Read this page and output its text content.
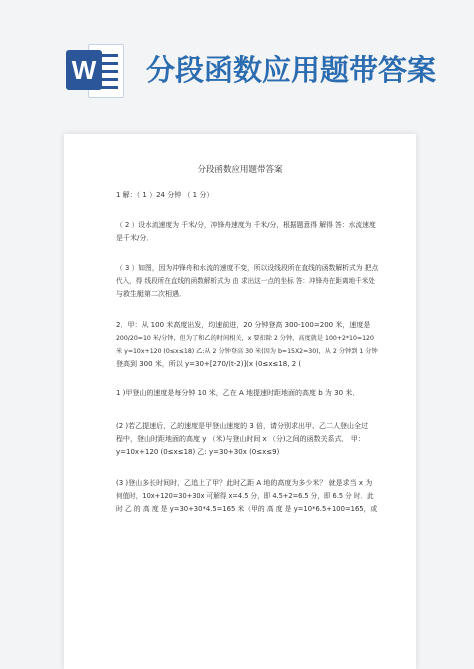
W 分段函数应用题带答案
分段函数应用题带答案
1 解：（ 1 ）24 分钟 （ 1 分）
（ 2 ）设水流速度为 千米/分，冲锋舟速度为 千米/分，根据题意得 解得 答：水流速度
是千米/分．
（ 3 ）如图，因为冲锋舟和水流的速度不变，所以设线段所在直线的函数解析式为 把点
代入，得 线段所在直线的函数解析式为 由 求出这一点的坐标 答：冲锋舟在距离地千米处
与救生艇第二次相遇．
2．甲：从 100 米高度出发，均速前进，20 分钟登高 300-100=200 米，速度是
200/20=10 米/分钟，但为了和乙的时间相关，x 要扣除 2 分钟，高度就是 100+2*10=120
米 y=10x+120 (0≤x≤18) 乙:从 2 分钟登高 30 米(因为 b=15X2=30)，从 2 分钟到 1 分钟
登高到 300 米，所以 y=30+[270/(t-2)](x (0≤x≤18, 2 (
1 )甲登山的速度是每分钟 10 米，乙在 A 地提速时距地面的高度 b 为 30 米．
(2 )若乙提速后，乙的速度是甲登山速度的 3 倍，请分别求出甲、乙二人登山全过
程中，登山时距地面的高度 y （米)与登山时间 x （分)之间的函数关系式． 甲：
y=10x+120 (0≤x≤18) 乙: y=30+30x (0≤x≤9)
(3 )登山多长时间时，乙追上了甲？此时乙距 A 地的高度为多少米？ 就是求当 x 为
何值时，10x+120=30+30x 可解得 x=4.5 分，即 4.5+2=6.5 分，即 6.5 分 时．此
时 乙 的 高 度 是 y=30+30*4.5=165 米（甲的 高 度 是 y=10*6.5+100=165，或
